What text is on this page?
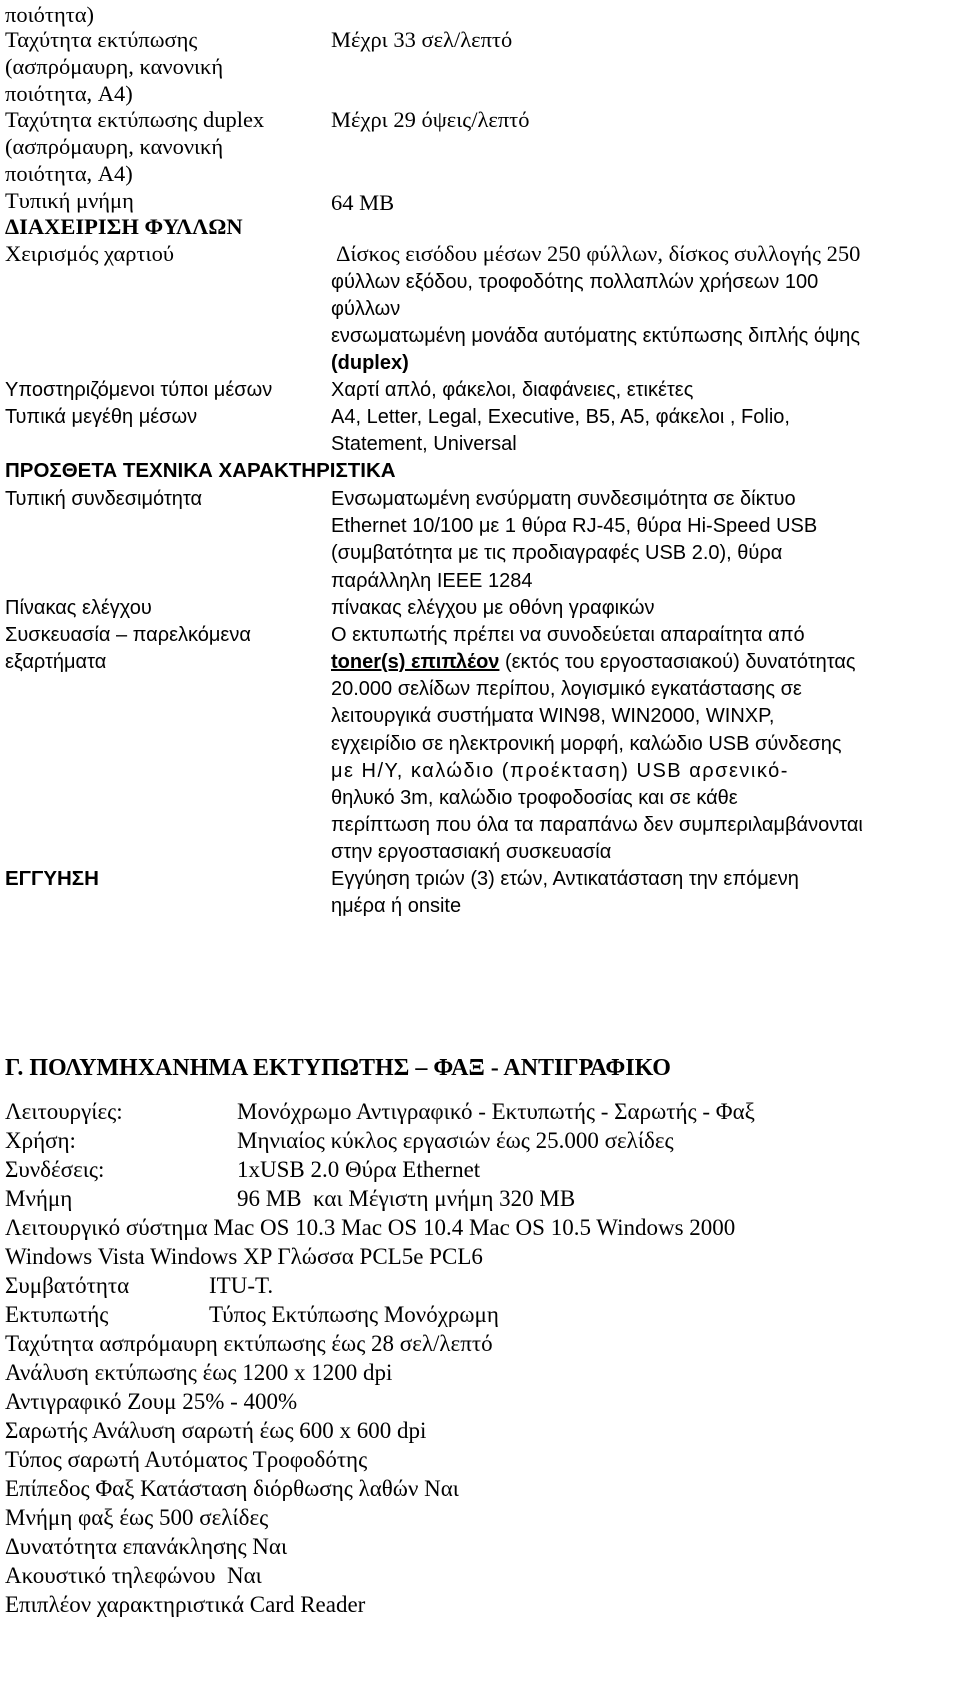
ποιότητα)
Ταχύτητα εκτύπωσης	Μέχρι 33 σελ/λεπτό
(ασπρόμαυρη, κανονική
ποιότητα, A4)
Ταχύτητα εκτύπωσης duplex	Μέχρι 29 όψεις/λεπτό
(ασπρόμαυρη, κανονική
ποιότητα, A4)
Τυπική μνήμη	64 MB
ΔΙΑΧΕΙΡΙΣΗ ΦΥΛΛΩΝ
Χειρισμός χαρτιού	Δίσκος εισόδου μέσων 250 φύλλων, δίσκος συλλογής 250
φύλλων εξόδου, τροφοδότης πολλαπλών χρήσεων 100
φύλλων
ενσωματωμένη μονάδα αυτόματης εκτύπωσης διπλής όψης
(duplex)
Υποστηριζόμενοι τύποι μέσων	Χαρτί απλό, φάκελοι, διαφάνειες, ετικέτες
Τυπικά μεγέθη μέσων	A4, Letter, Legal, Executive, B5, A5, φάκελοι , Folio,
Statement, Universal
ΠΡΟΣΘΕΤΑ ΤΕΧΝΙΚΑ ΧΑΡΑΚΤΗΡΙΣΤΙΚΑ
Τυπική συνδεσιμότητα	Ενσωματωμένη ενσύρματη συνδεσιμότητα σε δίκτυο
Ethernet 10/100 με 1 θύρα RJ-45, θύρα Hi-Speed USB
(συμβατότητα με τις προδιαγραφές USB 2.0), θύρα
παράλληλη IEEE 1284
Πίνακας ελέγχου	πίνακας ελέγχου με οθόνη γραφικών
Συσκευασία – παρελκόμενα	Ο εκτυπωτής πρέπει να συνοδεύεται απαραίτητα από
εξαρτήματα	toner(s) επιπλέον (εκτός του εργοστασιακού) δυνατότητας
20.000 σελίδων περίπου, λογισμικό εγκατάστασης σε
λειτουργικά συστήματα WIN98, WIN2000, WINXP,
εγχειρίδιο σε ηλεκτρονική μορφή, καλώδιο USB σύνδεσης
με Η/Υ, καλώδιο (προέκταση) USB αρσενικό-
θηλυκό 3m, καλώδιο τροφοδοσίας και σε κάθε
περίπτωση που όλα τα παραπάνω δεν συμπεριλαμβάνονται
στην εργοστασιακή συσκευασία
ΕΓΓΥΗΣΗ	Εγγύηση τριών (3) ετών, Αντικατάσταση την επόμενη
ημέρα ή onsite
Γ. ΠΟΛΥΜΗΧΑΝΗΜΑ ΕΚΤΥΠΩΤΗΣ – ΦΑΞ - ΑΝΤΙΓΡΑΦΙΚΟ
Λειτουργίες:	Μονόχρωμο Αντιγραφικό - Εκτυπωτής - Σαρωτής - Φαξ
Χρήση:	Μηνιαίος κύκλος εργασιών έως 25.000 σελίδες
Συνδέσεις:	1xUSB 2.0 Θύρα Ethernet
Μνήμη	96 MB  και Μέγιστη μνήμη 320 MB
Λειτουργικό σύστημα Mac OS 10.3 Mac OS 10.4 Mac OS 10.5 Windows 2000
Windows Vista Windows XP Γλώσσα PCL5e PCL6
Συμβατότητα	ITU-T.
Εκτυπωτής	Τύπος Εκτύπωσης Μονόχρωμη
Ταχύτητα ασπρόμαυρη εκτύπωσης έως 28 σελ/λεπτό
Ανάλυση εκτύπωσης έως 1200 x 1200 dpi
Αντιγραφικό Ζουμ 25% - 400%
Σαρωτής Ανάλυση σαρωτή έως 600 x 600 dpi
Τύπος σαρωτή Αυτόματος Τροφοδότης
Επίπεδος Φαξ Κατάσταση διόρθωσης λαθών Ναι
Μνήμη φαξ έως 500 σελίδες
Δυνατότητα επανάκλησης Ναι
Ακουστικό τηλεφώνου  Ναι
Επιπλέον χαρακτηριστικά Card Reader
